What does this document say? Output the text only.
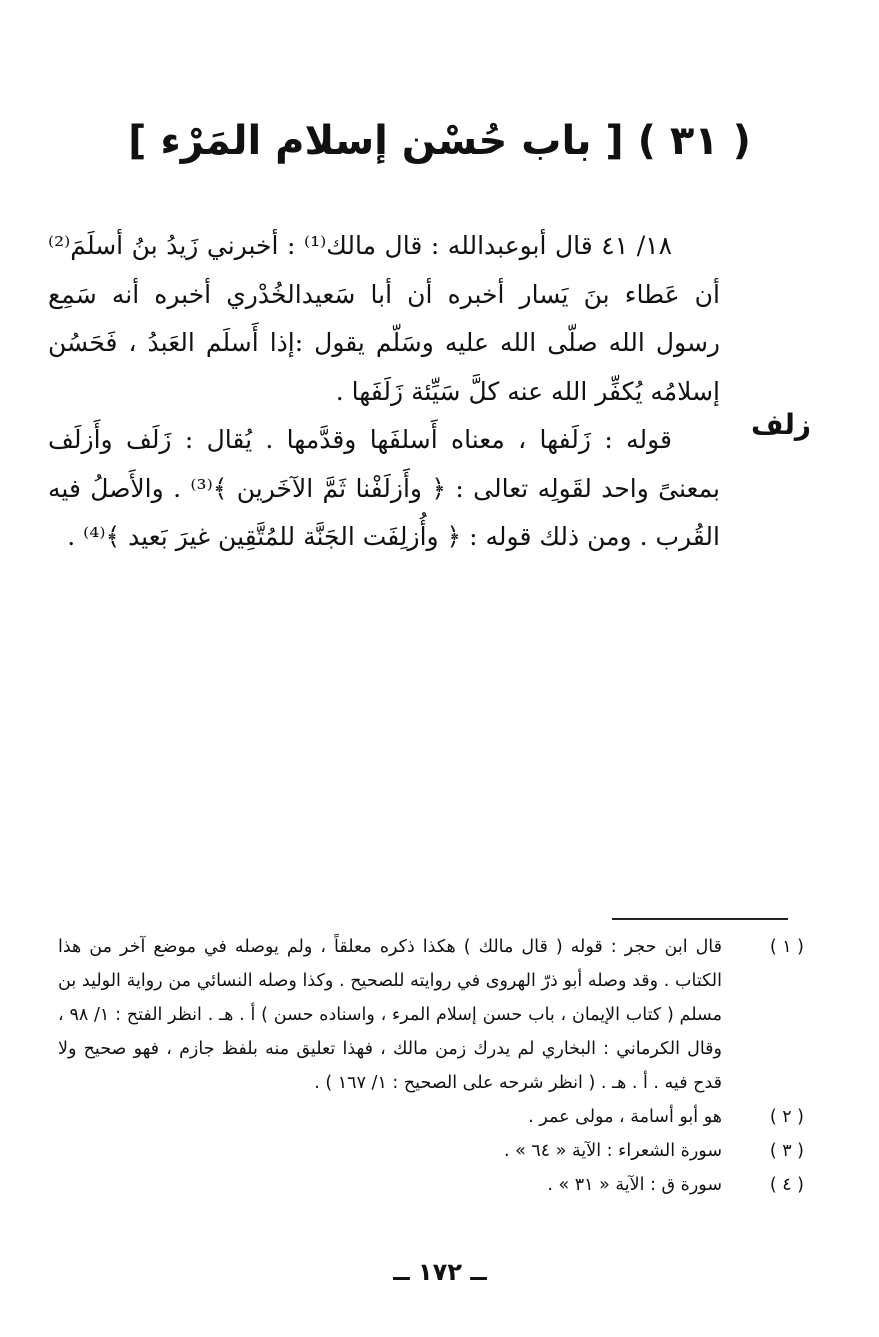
( ٣١ ) [ باب حُسْن إسلام المَرْء ]
زلف

١٨/ ٤١ قال أبوعبدالله : قال مالك⁽¹⁾ : أخبرني زَيدُ بنُ أسلَمَ⁽²⁾أن عَطاء بنَ يَسار أخبره أن أبا سَعيدالخُدْري أخبره أنه سَمِع رسول الله صلّى الله عليه وسَلّم يقول :إذا أَسلَم العَبدُ ، فَحَسُن إسلامُه يُكفِّر الله عنه كلَّ سَيِّئة زَلَفَها .

قوله : زَلَفها ، معناه أَسلفَها وقدَّمها . يُقال : زَلَف وأَزلَف بمعنىً واحد لقَولِه تعالى : ﴿ وأَزلَفْنا ثَمَّ الآخَرين ﴾⁽³⁾ . والأَصلُ فيه القُرب . ومن ذلك قوله : ﴿ وأُزلِفَت الجَنَّة للمُتَّقِين غيرَ بَعيد ﴾⁽⁴⁾ .

( ١ )
قال ابن حجر : قوله ( قال مالك ) هكذا ذكره معلقاً ، ولم يوصله في موضع آخر من هذا الكتاب . وقد وصله أبو ذرّ الهروى في روايته للصحيح . وكذا وصله النسائي من رواية الوليد بن مسلم ( كتاب الإيمان ، باب حسن إسلام المرء ، واسناده حسن ) أ . هـ . انظر الفتح : ١/ ٩٨ ، وقال الكرماني : البخاري لم يدرك زمن مالك ، فهذا تعليق منه بلفظ جازم ، فهو صحيح ولا قدح فيه . أ . هـ . ( انظر شرحه على الصحيح : ١/ ١٦٧ ) .
( ٢ )
هو أبو أسامة ، مولى عمر .
( ٣ )
سورة الشعراء : الآية « ٦٤ » .
( ٤ )
سورة ق : الآية « ٣١ » .
ــ ١٧٢ ــ
